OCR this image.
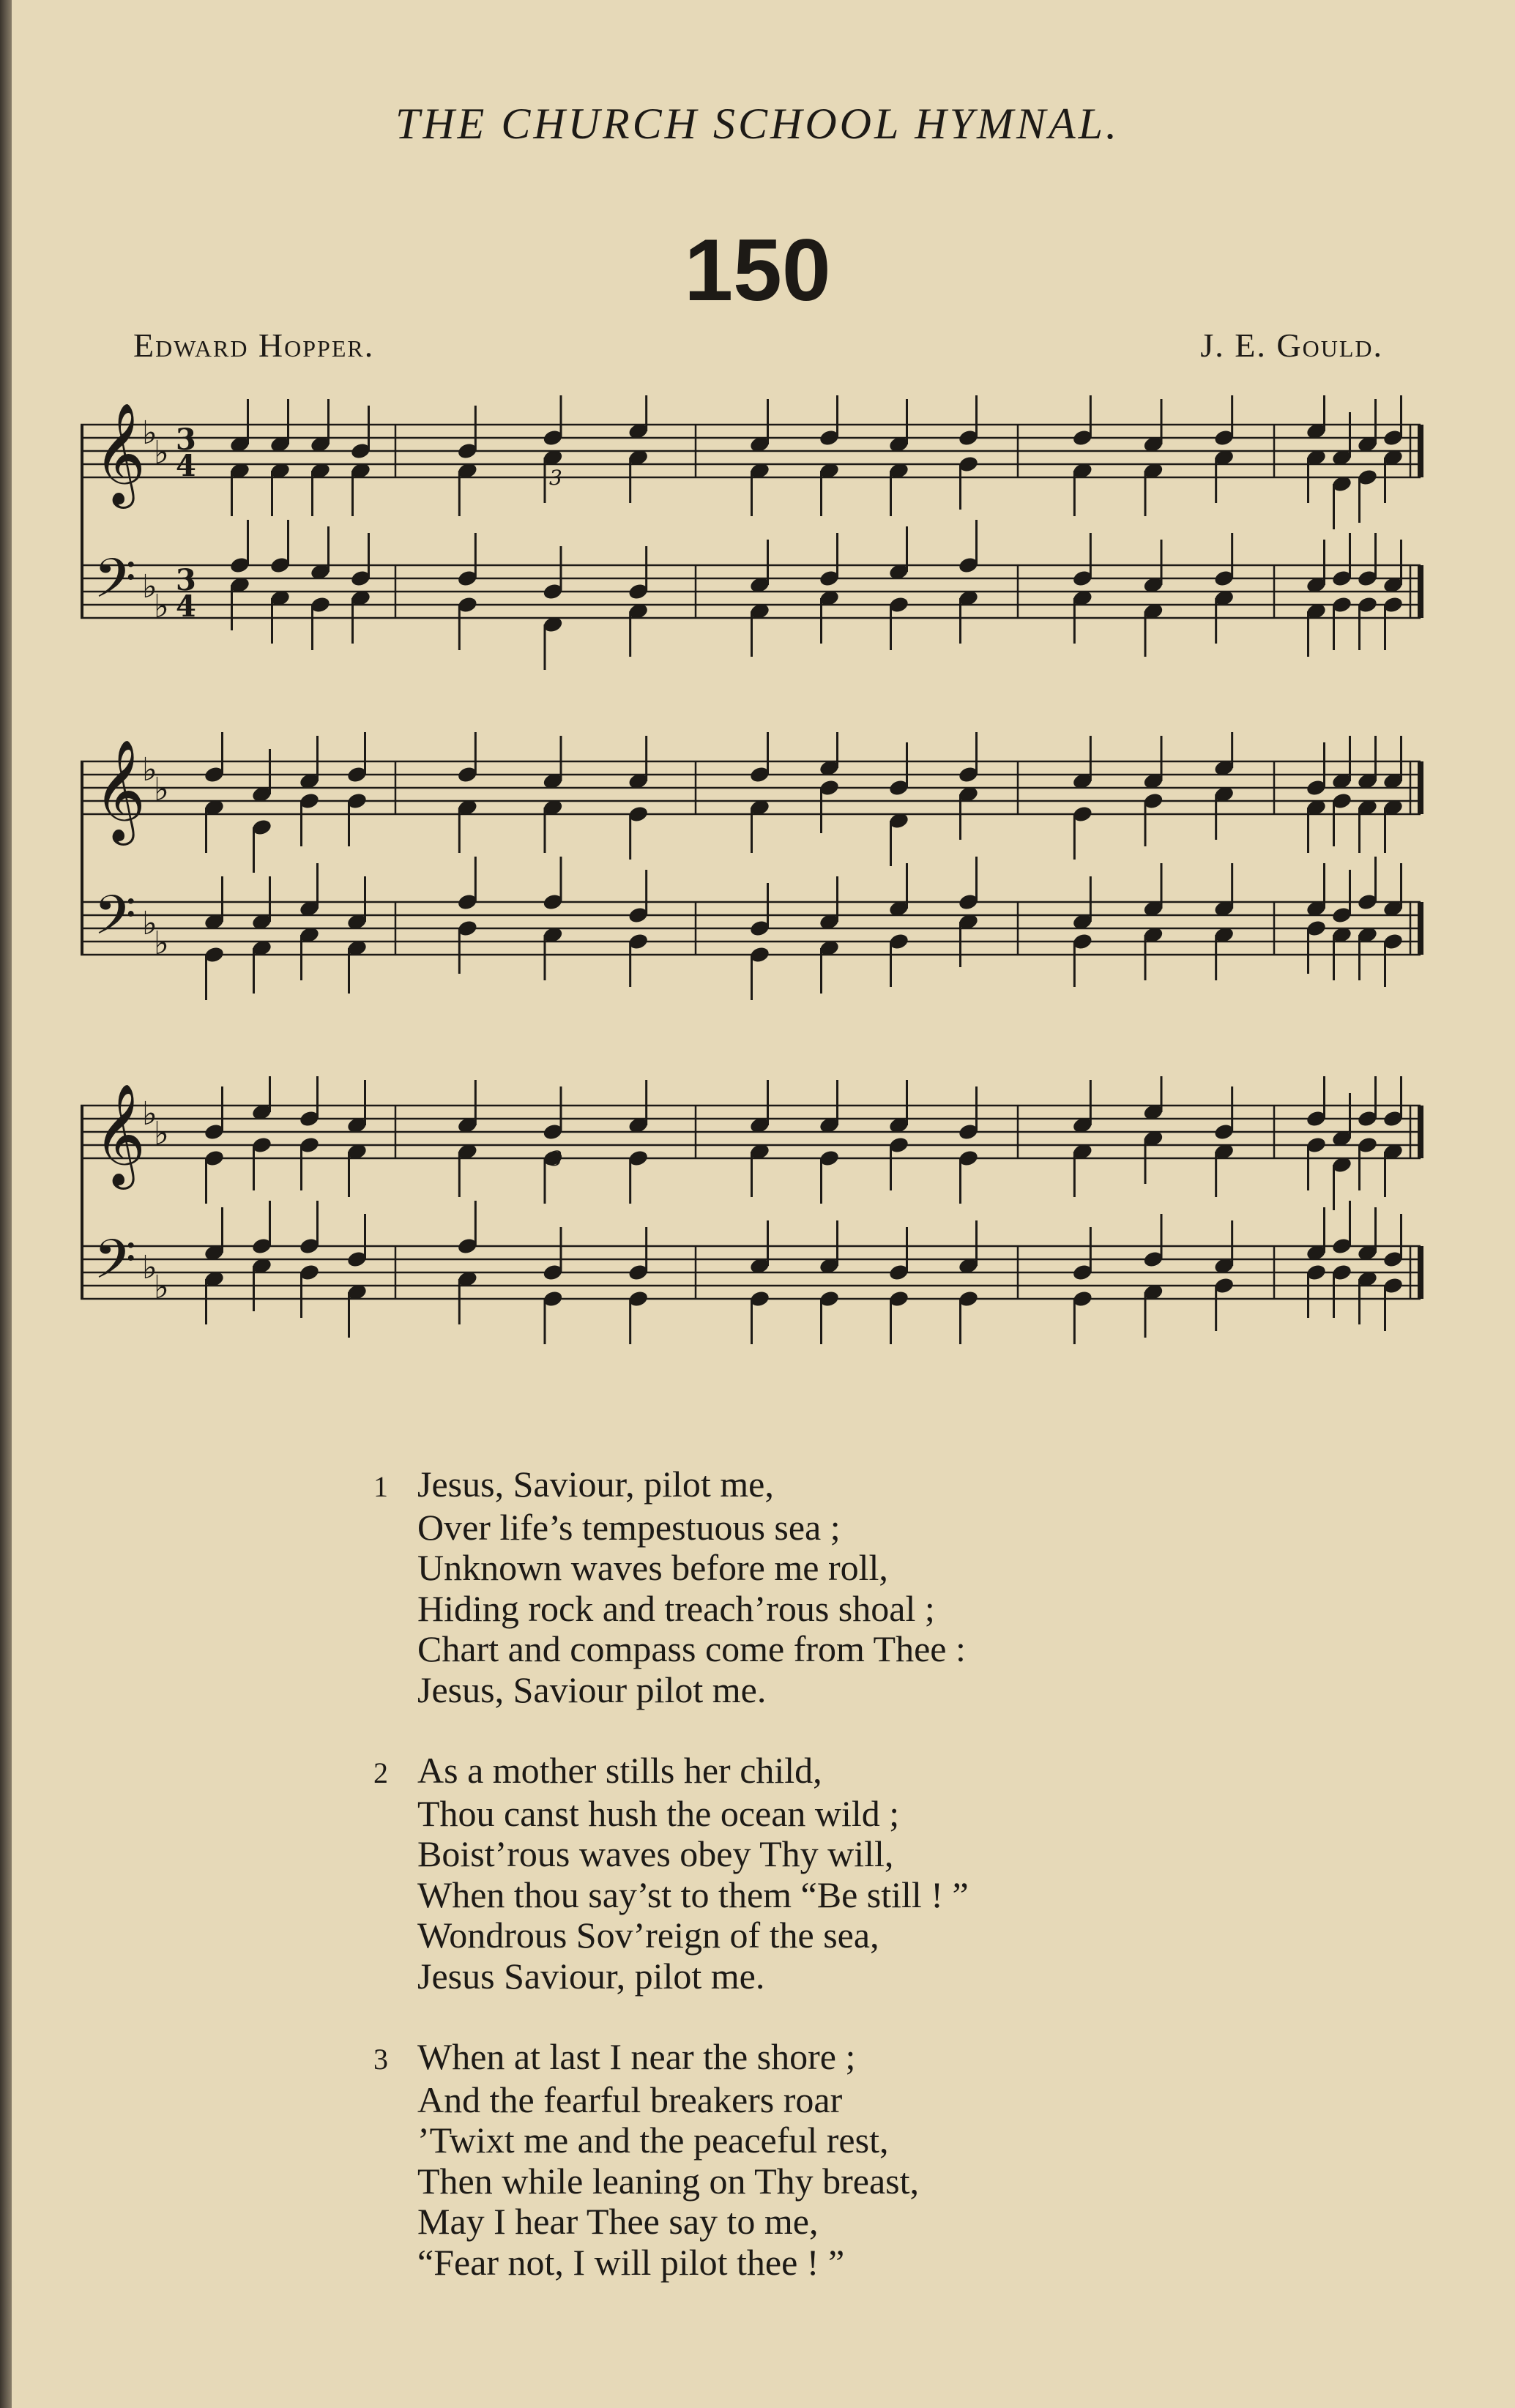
THE CHURCH SCHOOL HYMNAL.
150
Edward Hopper.	J. E. Gould.
𝄞
𝄢
♭
♭
♭
♭
3
4
3
4
3
𝄞
𝄢
♭
♭
♭
♭
𝄞
𝄢
♭
♭
♭
♭
3
1 Jesus, Saviour, pilot me,
Over life’s tempestuous sea ;
Unknown waves before me roll,
Hiding rock and treach’rous shoal ;
Chart and compass come from Thee :
Jesus, Saviour pilot me.
2 As a mother stills her child,
Thou canst hush the ocean wild ;
Boist’rous waves obey Thy will,
When thou say’st to them “Be still ! ”
Wondrous Sov’reign of the sea,
Jesus Saviour, pilot me.
3 When at last I near the shore ;
And the fearful breakers roar
’Twixt me and the peaceful rest,
Then while leaning on Thy breast,
May I hear Thee say to me,
“Fear not, I will pilot thee ! ”
